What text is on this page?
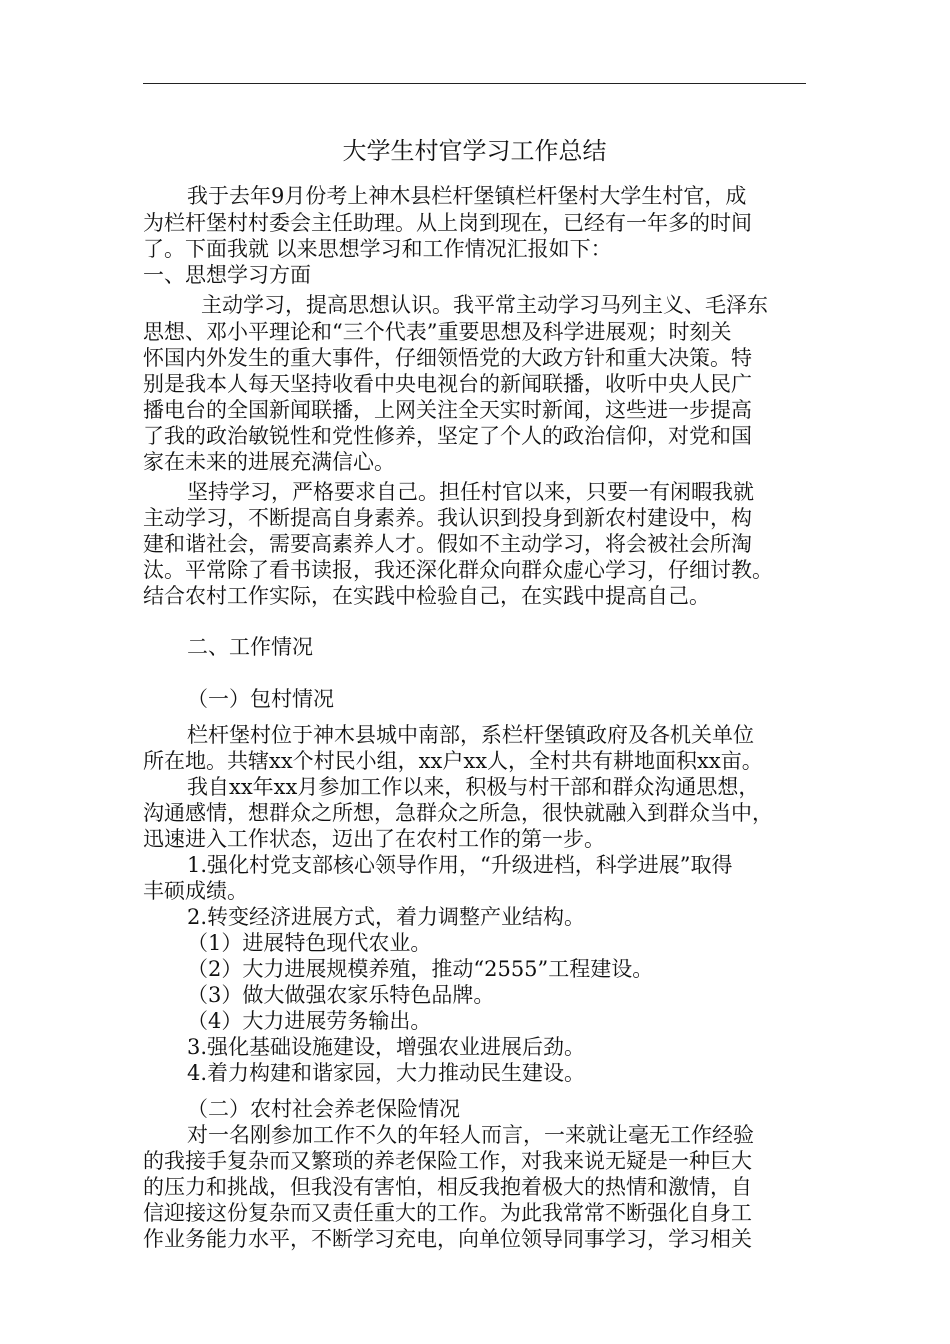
大学生村官学习工作总结
我于去年9月份考上神木县栏杆堡镇栏杆堡村大学生村官，成
为栏杆堡村村委会主任助理。从上岗到现在，已经有一年多的时间
了。下面我就 以来思想学习和工作情况汇报如下：
一、思想学习方面
主动学习，提高思想认识。我平常主动学习马列主义、毛泽东
思想、邓小平理论和“三个代表”重要思想及科学进展观；时刻关
怀国内外发生的重大事件，仔细领悟党的大政方针和重大决策。特
别是我本人每天坚持收看中央电视台的新闻联播，收听中央人民广
播电台的全国新闻联播，上网关注全天实时新闻，这些进一步提高
了我的政治敏锐性和党性修养，坚定了个人的政治信仰，对党和国
家在未来的进展充满信心。
坚持学习，严格要求自己。担任村官以来，只要一有闲暇我就
主动学习，不断提高自身素养。我认识到投身到新农村建设中，构
建和谐社会，需要高素养人才。假如不主动学习，将会被社会所淘
汰。平常除了看书读报，我还深化群众向群众虚心学习，仔细讨教。
结合农村工作实际，在实践中检验自己，在实践中提高自己。
二、工作情况
（一）包村情况
栏杆堡村位于神木县城中南部，系栏杆堡镇政府及各机关单位
所在地。共辖xx个村民小组，xx户xx人，全村共有耕地面积xx亩。
我自xx年xx月参加工作以来，积极与村干部和群众沟通思想，
沟通感情，想群众之所想，急群众之所急，很快就融入到群众当中，
迅速进入工作状态，迈出了在农村工作的第一步。
1.强化村党支部核心领导作用，“升级进档，科学进展”取得
丰硕成绩。
2.转变经济进展方式，着力调整产业结构。
（1）进展特色现代农业。
（2）大力进展规模养殖，推动“2555”工程建设。
（3）做大做强农家乐特色品牌。
（4）大力进展劳务输出。
3.强化基础设施建设，增强农业进展后劲。
4.着力构建和谐家园，大力推动民生建设。
（二）农村社会养老保险情况
对一名刚参加工作不久的年轻人而言，一来就让毫无工作经验
的我接手复杂而又繁琐的养老保险工作，对我来说无疑是一种巨大
的压力和挑战，但我没有害怕，相反我抱着极大的热情和激情，自
信迎接这份复杂而又责任重大的工作。为此我常常不断强化自身工
作业务能力水平，不断学习充电，向单位领导同事学习，学习相关
